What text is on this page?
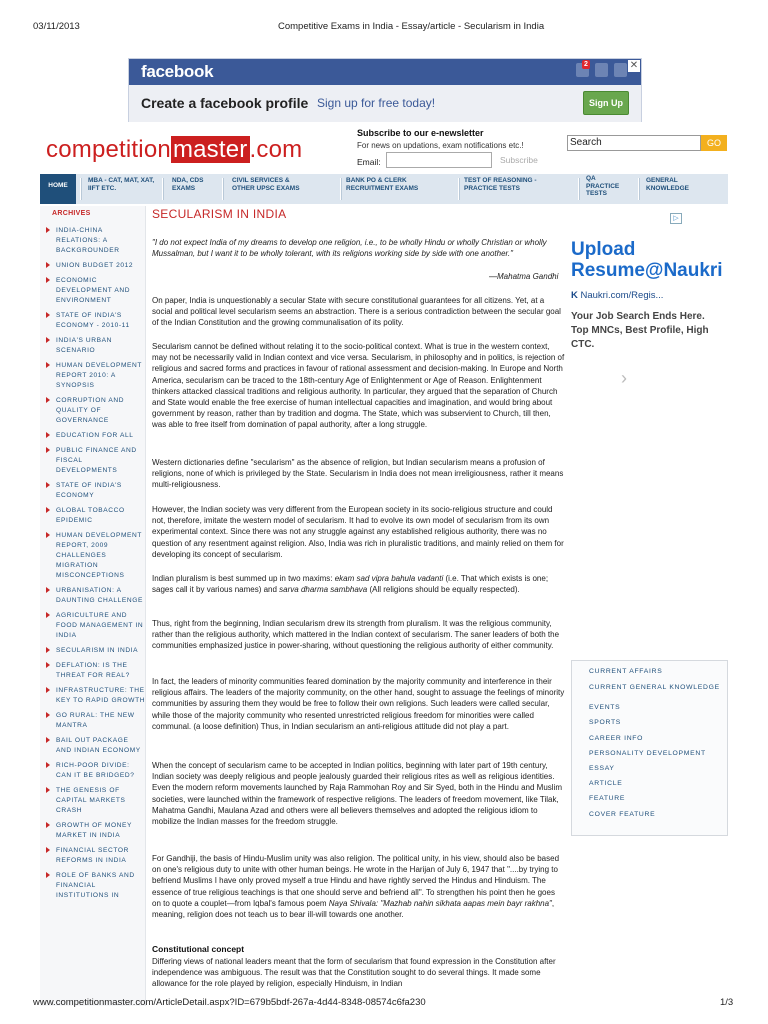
03/11/2013	Competitive Exams in India - Essay/article - Secularism in India
facebook	2	✕
Create a facebook profile Sign up for free today!	Sign Up
competitionmaster.com
Subscribe to our e-newsletter
For news on updations, exam notifications etc.!
Email:	Subscribe
Search	GO
HOME
MBA - CAT, MAT, XAT, IIFT ETC.
NDA, CDS EXAMS
CIVIL SERVICES & OTHER UPSC EXAMS
BANK PO & CLERK RECRUITMENT EXAMS
TEST OF REASONING - PRACTICE TESTS
QA PRACTICE TESTS
GENERAL KNOWLEDGE
ARCHIVES
INDIA-CHINA RELATIONS: A BACKGROUNDER
UNION BUDGET 2012
ECONOMIC DEVELOPMENT AND ENVIRONMENT
STATE OF INDIA'S ECONOMY - 2010-11
INDIA'S URBAN SCENARIO
HUMAN DEVELOPMENT REPORT 2010: A SYNOPSIS
CORRUPTION AND QUALITY OF GOVERNANCE
EDUCATION FOR ALL
PUBLIC FINANCE AND FISCAL DEVELOPMENTS
STATE OF INDIA'S ECONOMY
GLOBAL TOBACCO EPIDEMIC
HUMAN DEVELOPMENT REPORT, 2009 CHALLENGES MIGRATION MISCONCEPTIONS
URBANISATION: A DAUNTING CHALLENGE
AGRICULTURE AND FOOD MANAGEMENT IN INDIA
SECULARISM IN INDIA
DEFLATION: IS THE THREAT FOR REAL?
INFRASTRUCTURE: THE KEY TO RAPID GROWTH
GO RURAL: THE NEW MANTRA
BAIL OUT PACKAGE AND INDIAN ECONOMY
RICH-POOR DIVIDE: CAN IT BE BRIDGED?
THE GENESIS OF CAPITAL MARKETS CRASH
GROWTH OF MONEY MARKET IN INDIA
FINANCIAL SECTOR REFORMS IN INDIA
ROLE OF BANKS AND FINANCIAL INSTITUTIONS IN
SECULARISM IN INDIA
"I do not expect India of my dreams to develop one religion, i.e., to be wholly Hindu or wholly Christian or wholly Mussalman, but I want it to be wholly tolerant, with its religions working side by side with one another."
—Mahatma Gandhi
On paper, India is unquestionably a secular State with secure constitutional guarantees for all citizens. Yet, at a social and political level secularism seems an abstraction. There is a serious contradiction between the secular goal of the Indian Constitution and the growing communalisation of its polity.
Secularism cannot be defined without relating it to the socio-political context. What is true in the western context, may not be necessarily valid in Indian context and vice versa. Secularism, in philosophy and in politics, is rejection of religious and sacred forms and practices in favour of rational assessment and decision-making. In Europe and North America, secularism can be traced to the 18th-century Age of Enlightenment or Age of Reason. Enlightenment thinkers attacked classical traditions and religious authority. In particular, they argued that the separation of Church and State would enable the free exercise of human intellectual capacities and imagination, and would bring about government by reason, rather than by tradition and dogma. The State, which was subservient to Church, till then, was able to free itself from domination of papal authority, after a long struggle.
Western dictionaries define "secularism" as the absence of religion, but Indian secularism means a profusion of religions, none of which is privileged by the State. Secularism in India does not mean irreligiousness, rather it means multi-religiousness.
However, the Indian society was very different from the European society in its socio-religious structure and could not, therefore, imitate the western model of secularism. It had to evolve its own model of secularism from its own experimental context. Since there was not any struggle against any established religious authority, there was no question of any resentment against religion. Also, India was rich in pluralistic traditions, and mainly relied on them for developing its concept of secularism.
Indian pluralism is best summed up in two maxims: ekam sad vipra bahula vadanti (i.e. That which exists is one; sages call it by various names) and sarva dharma sambhava (All religions should be equally respected).
Thus, right from the beginning, Indian secularism drew its strength from pluralism. It was the religious community, rather than the religious authority, which mattered in the Indian context of secularism. The saner leaders of both the communities emphasized justice in power-sharing, without questioning the religious authority of either community.
In fact, the leaders of minority communities feared domination by the majority community and interference in their religious affairs. The leaders of the majority community, on the other hand, sought to assuage the feelings of minority communities by assuring them they would be free to follow their own religions. Such leaders were called secular, while those of the majority community who resented unrestricted religious freedom for minorities were called communal. (a loose definition) Thus, in Indian secularism an anti-religious attitude did not play a part.
When the concept of secularism came to be accepted in Indian politics, beginning with later part of 19th century, Indian society was deeply religious and people jealously guarded their religious rites as well as religious identities. Even the modern reform movements launched by Raja Rammohan Roy and Sir Syed, both in the Hindu and Muslim societies, were launched within the framework of respective religions. The leaders of freedom movement, like Tilak, Mahatma Gandhi, Maulana Azad and others were all believers themselves and adopted the religious idiom to mobilize the Indian masses for the freedom struggle.
For Gandhiji, the basis of Hindu-Muslim unity was also religion. The political unity, in his view, should also be based on one's religious duty to unite with other human beings. He wrote in the Harijan of July 6, 1947 that "....by trying to befriend Muslims I have only proved myself a true Hindu and have rightly served the Hindus and Hinduism. The essence of true religious teachings is that one should serve and befriend all". To strengthen his point then he goes on to quote a couplet—from Iqbal's famous poem Naya Shivala: "Mazhab nahin sikhata aapas mein bayr rakhna", meaning, religion does not teach us to bear ill-will towards one another.
Constitutional concept
Differing views of national leaders meant that the form of secularism that found expression in the Constitution after independence was ambiguous. The result was that the Constitution sought to do several things. It made some allowance for the role played by religion, especially Hinduism, in Indian
▷
Upload
Resume@Naukri
K Naukri.com/Regis...
Your Job Search Ends Here. Top MNCs, Best Profile, High CTC.
›
CURRENT AFFAIRS
CURRENT GENERAL KNOWLEDGE
EVENTS
SPORTS
CAREER INFO
PERSONALITY DEVELOPMENT
ESSAY
ARTICLE
FEATURE
COVER FEATURE
www.competitionmaster.com/ArticleDetail.aspx?ID=679b5bdf-267a-4d44-8348-08574c6fa230	1/3
